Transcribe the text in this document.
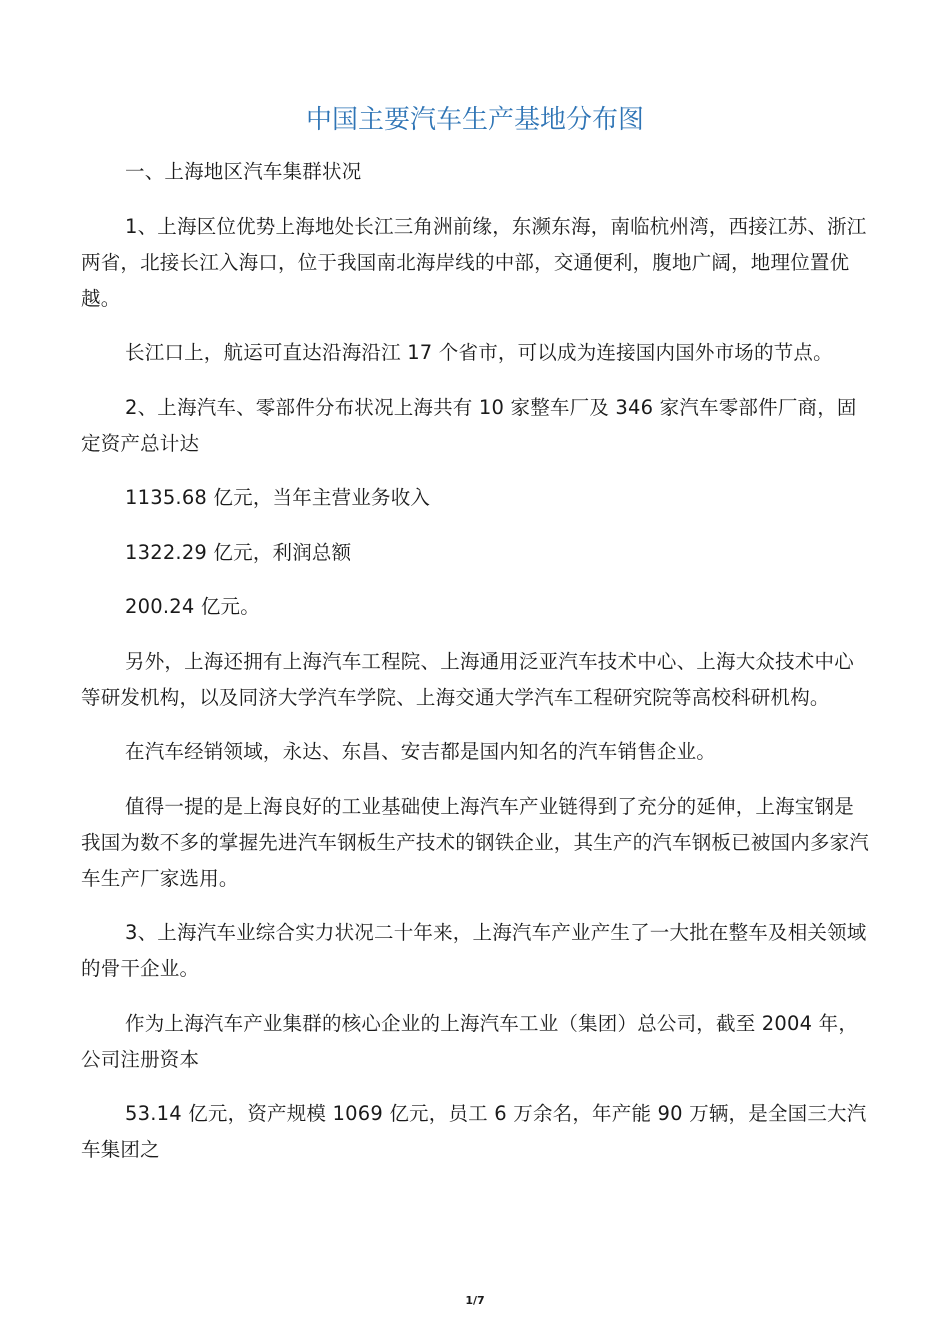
中国主要汽车生产基地分布图

一、上海地区汽车集群状况

1、上海区位优势上海地处长江三角洲前缘，东濒东海，南临杭州湾，西接江苏、浙江两省，北接长江入海口，位于我国南北海岸线的中部，交通便利，腹地广阔，地理位置优越。

长江口上，航运可直达沿海沿江 17 个省市，可以成为连接国内国外市场的节点。

2、上海汽车、零部件分布状况上海共有 10 家整车厂及 346 家汽车零部件厂商，固定资产总计达

1135.68 亿元，当年主营业务收入

1322.29 亿元，利润总额

200.24 亿元。

另外，上海还拥有上海汽车工程院、上海通用泛亚汽车技术中心、上海大众技术中心等研发机构，以及同济大学汽车学院、上海交通大学汽车工程研究院等高校科研机构。

在汽车经销领域，永达、东昌、安吉都是国内知名的汽车销售企业。

值得一提的是上海良好的工业基础使上海汽车产业链得到了充分的延伸，上海宝钢是我国为数不多的掌握先进汽车钢板生产技术的钢铁企业，其生产的汽车钢板已被国内多家汽车生产厂家选用。

3、上海汽车业综合实力状况二十年来，上海汽车产业产生了一大批在整车及相关领域的骨干企业。

作为上海汽车产业集群的核心企业的上海汽车工业（集团）总公司，截至 2004 年，公司注册资本

53.14 亿元，资产规模 1069 亿元，员工 6 万余名，年产能 90 万辆，是全国三大汽车集团之

1/7
